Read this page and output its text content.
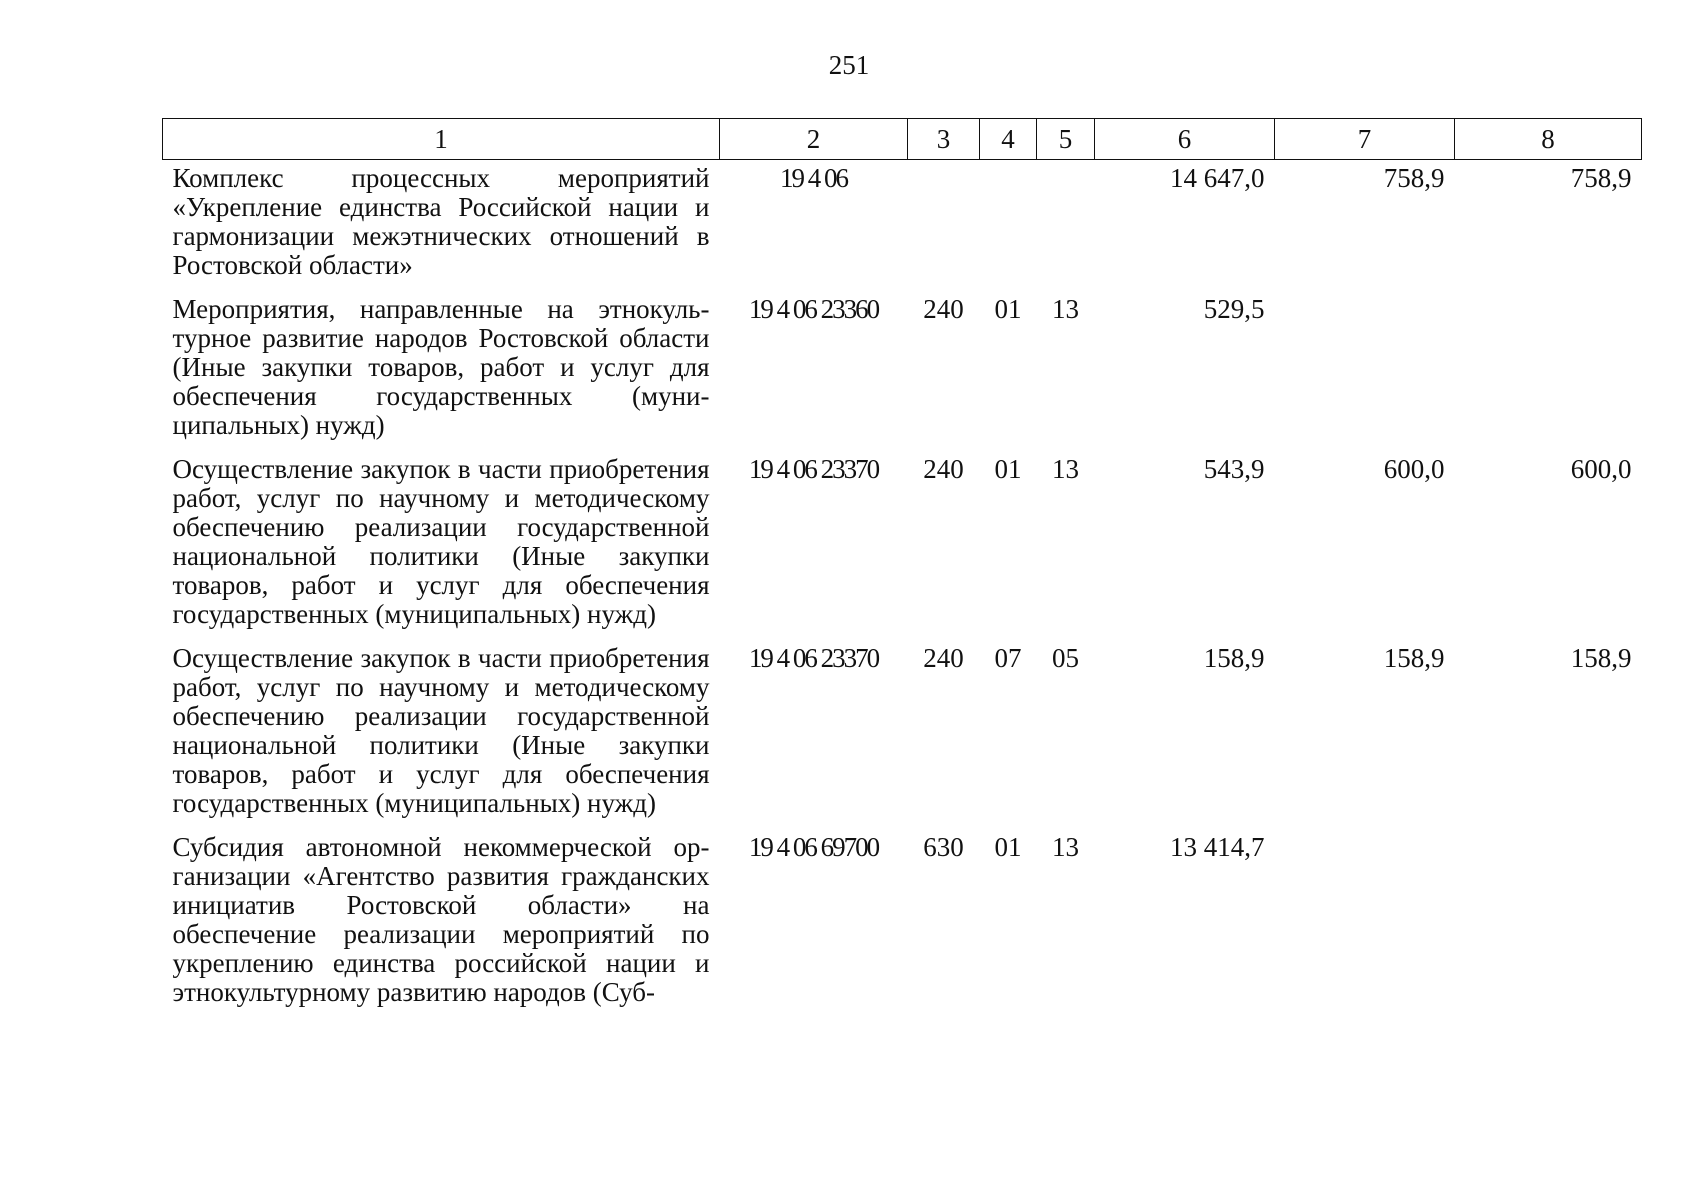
251
1	2	3	4	5	6	7	8
Комплекс процессных мероприятий «Укрепление единства Российской нации и гармонизации межэтнических отношений в Ростовской области»	19 4 06				14 647,0	758,9	758,9
Мероприятия, направленные на этнокультурное развитие народов Ростовской области (Иные закупки товаров, работ и услуг для обеспечения государственных (муниципальных) нужд)	19 4 06 23360	240	01	13	529,5		
Осуществление закупок в части приобретения работ, услуг по научному и методическому обеспечению реализации государственной национальной политики (Иные закупки товаров, работ и услуг для обеспечения государственных (муниципальных) нужд)	19 4 06 23370	240	01	13	543,9	600,0	600,0
Осуществление закупок в части приобретения работ, услуг по научному и методическому обеспечению реализации государственной национальной политики (Иные закупки товаров, работ и услуг для обеспечения государственных (муниципальных) нужд)	19 4 06 23370	240	07	05	158,9	158,9	158,9
Субсидия автономной некоммерческой организации «Агентство развития гражданских инициатив Ростовской области» на обеспечение реализации мероприятий по укреплению единства российской нации и этнокультурному развитию народов (Суб-	19 4 06 69700	630	01	13	13 414,7		
